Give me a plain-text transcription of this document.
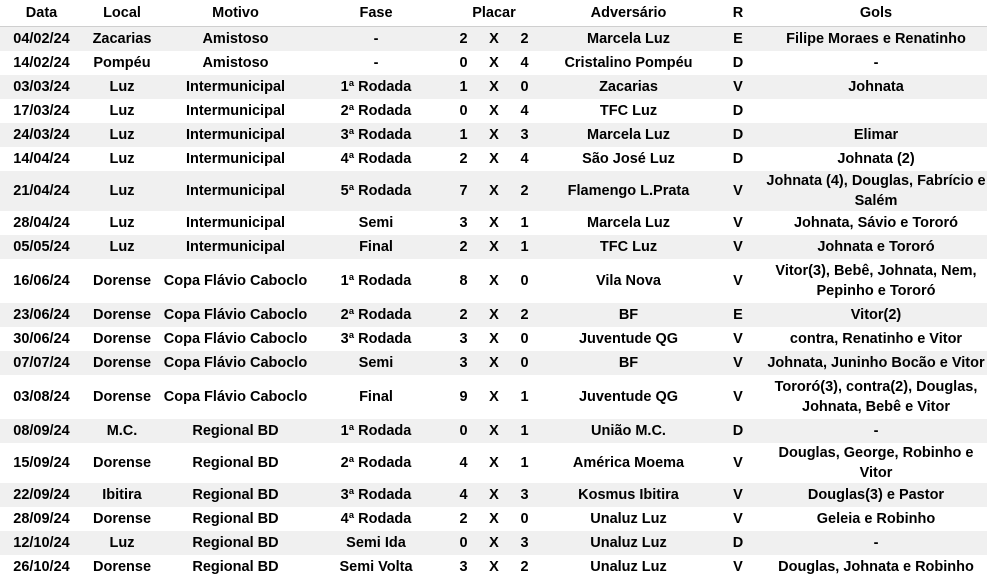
Data	Local	Motivo	Fase	Placar			Adversário	R	Gols
04/02/24	Zacarias	Amistoso	-	2	X	2	Marcela Luz	E	Filipe Moraes e Renatinho
14/02/24	Pompéu	Amistoso	-	0	X	4	Cristalino Pompéu	D	-
03/03/24	Luz	Intermunicipal	1ª Rodada	1	X	0	Zacarias	V	Johnata
17/03/24	Luz	Intermunicipal	2ª Rodada	0	X	4	TFC Luz	D	
24/03/24	Luz	Intermunicipal	3ª Rodada	1	X	3	Marcela Luz	D	Elimar
14/04/24	Luz	Intermunicipal	4ª Rodada	2	X	4	São José Luz	D	Johnata (2)
21/04/24	Luz	Intermunicipal	5ª Rodada	7	X	2	Flamengo L.Prata	V	Johnata (4), Douglas, Fabrício e Salém
28/04/24	Luz	Intermunicipal	Semi	3	X	1	Marcela Luz	V	Johnata, Sávio e Tororó
05/05/24	Luz	Intermunicipal	Final	2	X	1	TFC Luz	V	Johnata e Tororó
16/06/24	Dorense	Copa Flávio Caboclo	1ª Rodada	8	X	0	Vila Nova	V	Vitor(3), Bebê, Johnata, Nem, Pepinho e Tororó
23/06/24	Dorense	Copa Flávio Caboclo	2ª Rodada	2	X	2	BF	E	Vitor(2)
30/06/24	Dorense	Copa Flávio Caboclo	3ª Rodada	3	X	0	Juventude QG	V	contra, Renatinho e Vitor
07/07/24	Dorense	Copa Flávio Caboclo	Semi	3	X	0	BF	V	Johnata, Juninho Bocão e Vitor
03/08/24	Dorense	Copa Flávio Caboclo	Final	9	X	1	Juventude QG	V	Tororó(3), contra(2), Douglas, Johnata, Bebê e Vitor
08/09/24	M.C.	Regional BD	1ª Rodada	0	X	1	União M.C.	D	-
15/09/24	Dorense	Regional BD	2ª Rodada	4	X	1	América Moema	V	Douglas, George, Robinho e Vitor
22/09/24	Ibitira	Regional BD	3ª Rodada	4	X	3	Kosmus Ibitira	V	Douglas(3) e Pastor
28/09/24	Dorense	Regional BD	4ª Rodada	2	X	0	Unaluz Luz	V	Geleia e Robinho
12/10/24	Luz	Regional BD	Semi Ida	0	X	3	Unaluz Luz	D	-
26/10/24	Dorense	Regional BD	Semi Volta	3	X	2	Unaluz Luz	V	Douglas, Johnata e Robinho
